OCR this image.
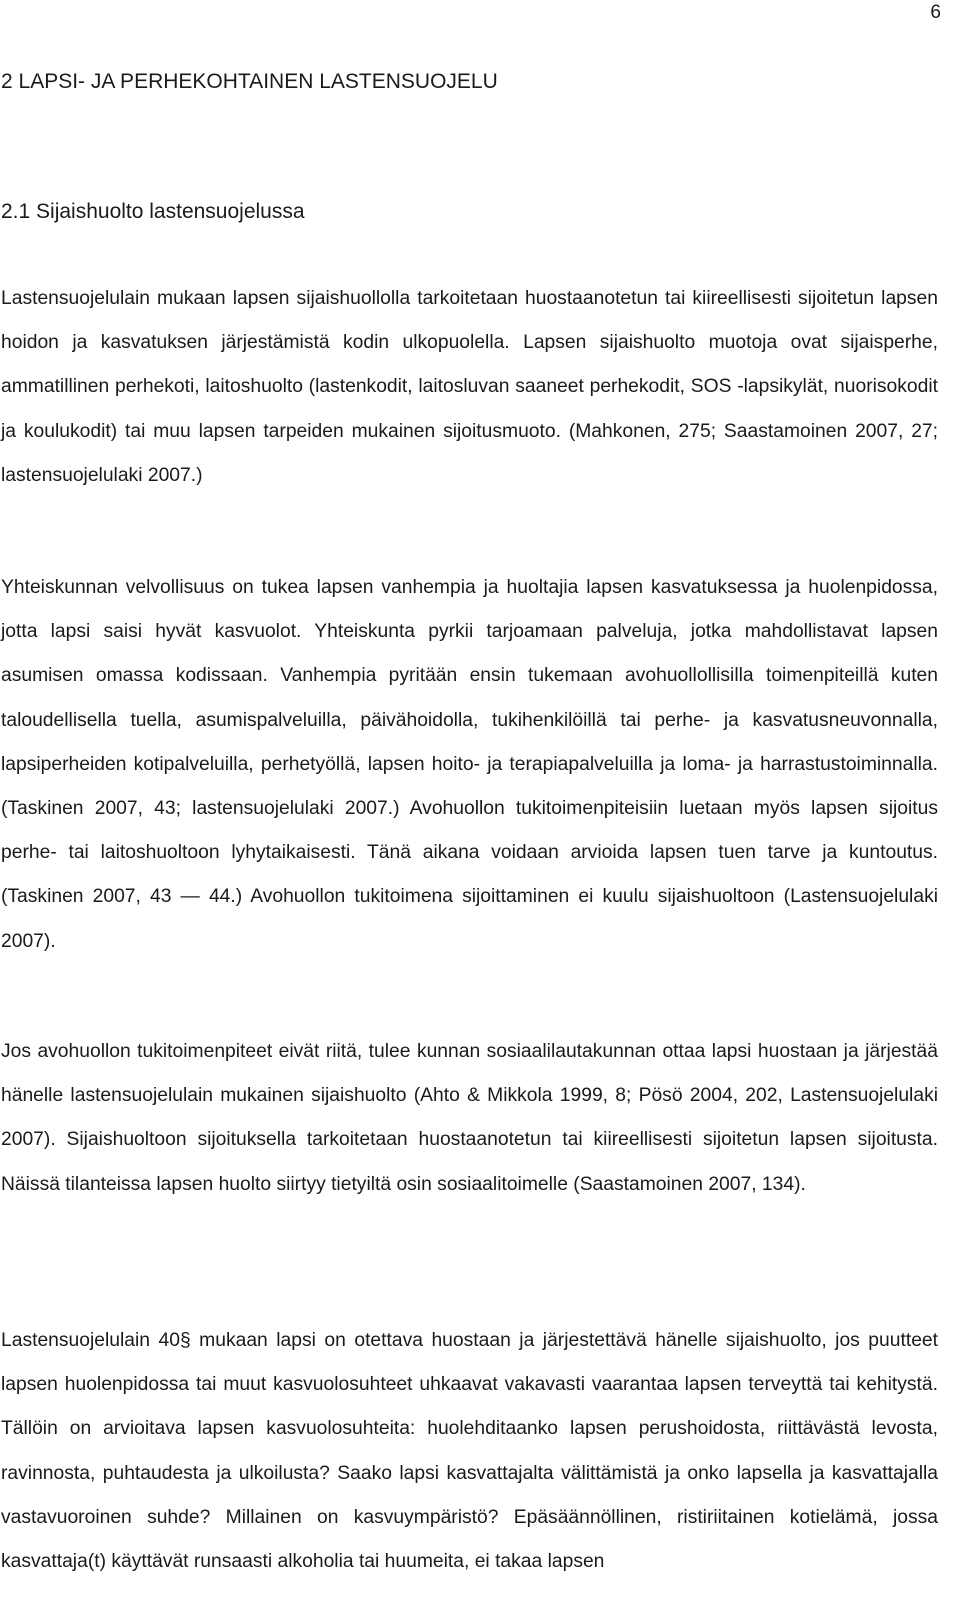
6
2 LAPSI- JA PERHEKOHTAINEN LASTENSUOJELU
2.1 Sijaishuolto lastensuojelussa

Lastensuojelulain mukaan lapsen sijaishuollolla tarkoitetaan huostaanotetun tai kiireellisesti sijoitetun lapsen hoidon ja kasvatuksen järjestämistä kodin ulkopuolella. Lapsen sijaishuolto muotoja ovat sijaisperhe, ammatillinen perhekoti, laitoshuolto (lastenkodit, laitosluvan saaneet perhekodit, SOS -lapsikylät, nuorisokodit ja koulukodit) tai muu lapsen tarpeiden mukainen sijoitusmuoto. (Mahkonen, 275; Saastamoinen 2007, 27; lastensuojelulaki 2007.)

Yhteiskunnan velvollisuus on tukea lapsen vanhempia ja huoltajia lapsen kasvatuksessa ja huolenpidossa, jotta lapsi saisi hyvät kasvuolot. Yhteiskunta pyrkii tarjoamaan palveluja, jotka mahdollistavat lapsen asumisen omassa kodissaan. Vanhempia pyritään ensin tukemaan avohuollollisilla toimenpiteillä kuten taloudellisella tuella, asumispalveluilla, päivähoidolla, tukihenkilöillä tai perhe- ja kasvatusneuvonnalla, lapsiperheiden kotipalveluilla, perhetyöllä, lapsen hoito- ja terapiapalveluilla ja loma- ja harrastustoiminnalla. (Taskinen 2007, 43; lastensuojelulaki 2007.) Avohuollon tukitoimenpiteisiin luetaan myös lapsen sijoitus perhe- tai laitoshuoltoon lyhytaikaisesti. Tänä aikana voidaan arvioida lapsen tuen tarve ja kuntoutus. (Taskinen 2007, 43 — 44.) Avohuollon tukitoimena sijoittaminen ei kuulu sijaishuoltoon (Lastensuojelulaki 2007).

Jos avohuollon tukitoimenpiteet eivät riitä, tulee kunnan sosiaalilautakunnan ottaa lapsi huostaan ja järjestää hänelle lastensuojelulain mukainen sijaishuolto (Ahto & Mikkola 1999, 8; Pösö 2004, 202, Lastensuojelulaki 2007). Sijaishuoltoon sijoituksella tarkoitetaan huostaanotetun tai kiireellisesti sijoitetun lapsen sijoitusta. Näissä tilanteissa lapsen huolto siirtyy tietyiltä osin sosiaalitoimelle (Saastamoinen 2007, 134).

Lastensuojelulain 40§ mukaan lapsi on otettava huostaan ja järjestettävä hänelle sijaishuolto, jos puutteet lapsen huolenpidossa tai muut kasvuolosuhteet uhkaavat vakavasti vaarantaa lapsen terveyttä tai kehitystä. Tällöin on arvioitava lapsen kasvuolosuhteita: huolehditaanko lapsen perushoidosta, riittävästä levosta, ravinnosta, puhtaudesta ja ulkoilusta? Saako lapsi kasvattajalta välittämistä ja onko lapsella ja kasvattajalla vastavuoroinen suhde? Millainen on kasvuympäristö? Epäsäännöllinen, ristiriitainen kotielämä, jossa kasvattaja(t) käyttävät runsaasti alkoholia tai huumeita, ei takaa lapsen
